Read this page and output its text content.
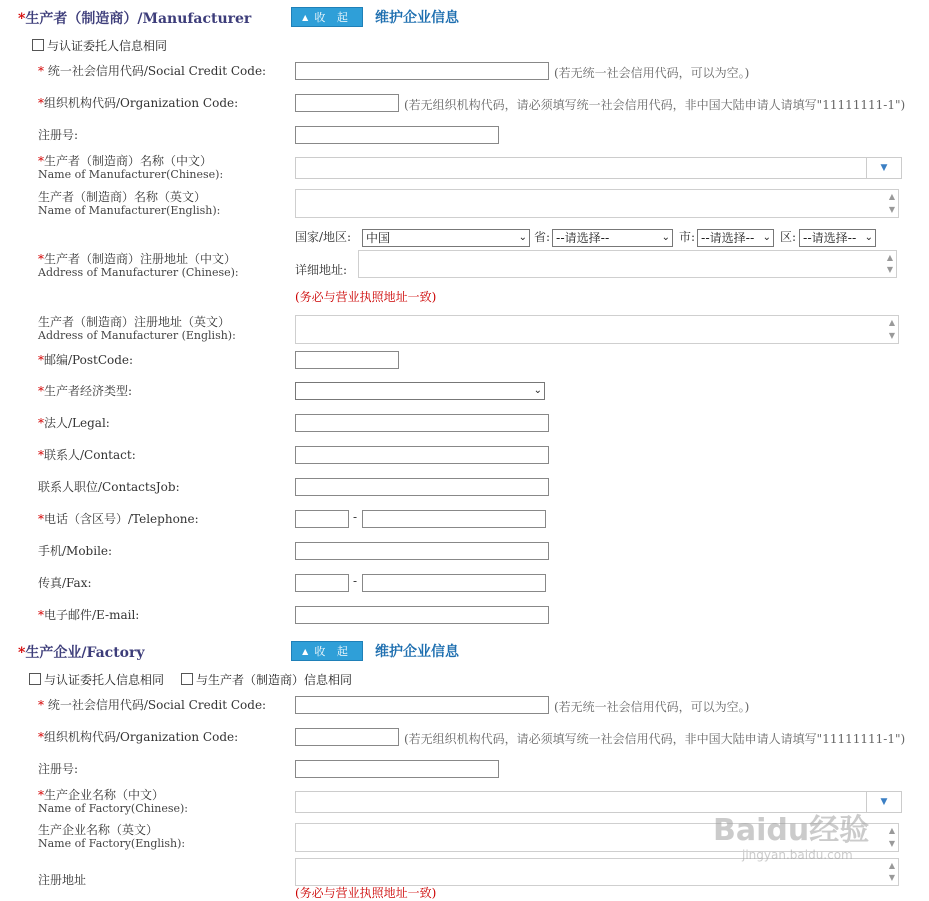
*生产者（制造商）/Manufacturer	▲ 收 起	维护企业信息
与认证委托人信息相同
* 统一社会信用代码/Social Credit Code:	(若无统一社会信用代码，可以为空。)
*组织机构代码/Organization Code:	(若无组织机构代码，请必须填写统一社会信用代码，非中国大陆申请人请填写"11111111-1")
注册号:
*生产者（制造商）名称（中文）
Name of Manufacturer(Chinese):	▼
生产者（制造商）名称（英文）
Name of Manufacturer(English):
▲
▼
国家/地区:	中国	⌄ 省: --请选择--	⌄ 市: --请选择-- ⌄ 区: --请选择-- ⌄
*生产者（制造商）注册地址（中文）
Address of Manufacturer (Chinese):	详细地址:
▲
▼
(务必与营业执照地址一致)
生产者（制造商）注册地址（英文）
Address of Manufacturer (English):
▲
▼
*邮编/PostCode:
*生产者经济类型:	⌄
*法人/Legal:
*联系人/Contact:
联系人职位/ContactsJob:
*电话（含区号）/Telephone:	-
手机/Mobile:
传真/Fax:	-
*电子邮件/E-mail:
*生产企业/Factory	▲ 收 起	维护企业信息
与认证委托人信息相同	与生产者（制造商）信息相同
* 统一社会信用代码/Social Credit Code:	(若无统一社会信用代码，可以为空。)
*组织机构代码/Organization Code:	(若无组织机构代码，请必须填写统一社会信用代码，非中国大陆申请人请填写"11111111-1")
注册号:
*生产企业名称（中文）
Name of Factory(Chinese):	▼
生产企业名称（英文）
Name of Factory(English):
▲
▼
注册地址
▲
▼
(务必与营业执照地址一致)
Baidu经验
jingyan.baidu.com
